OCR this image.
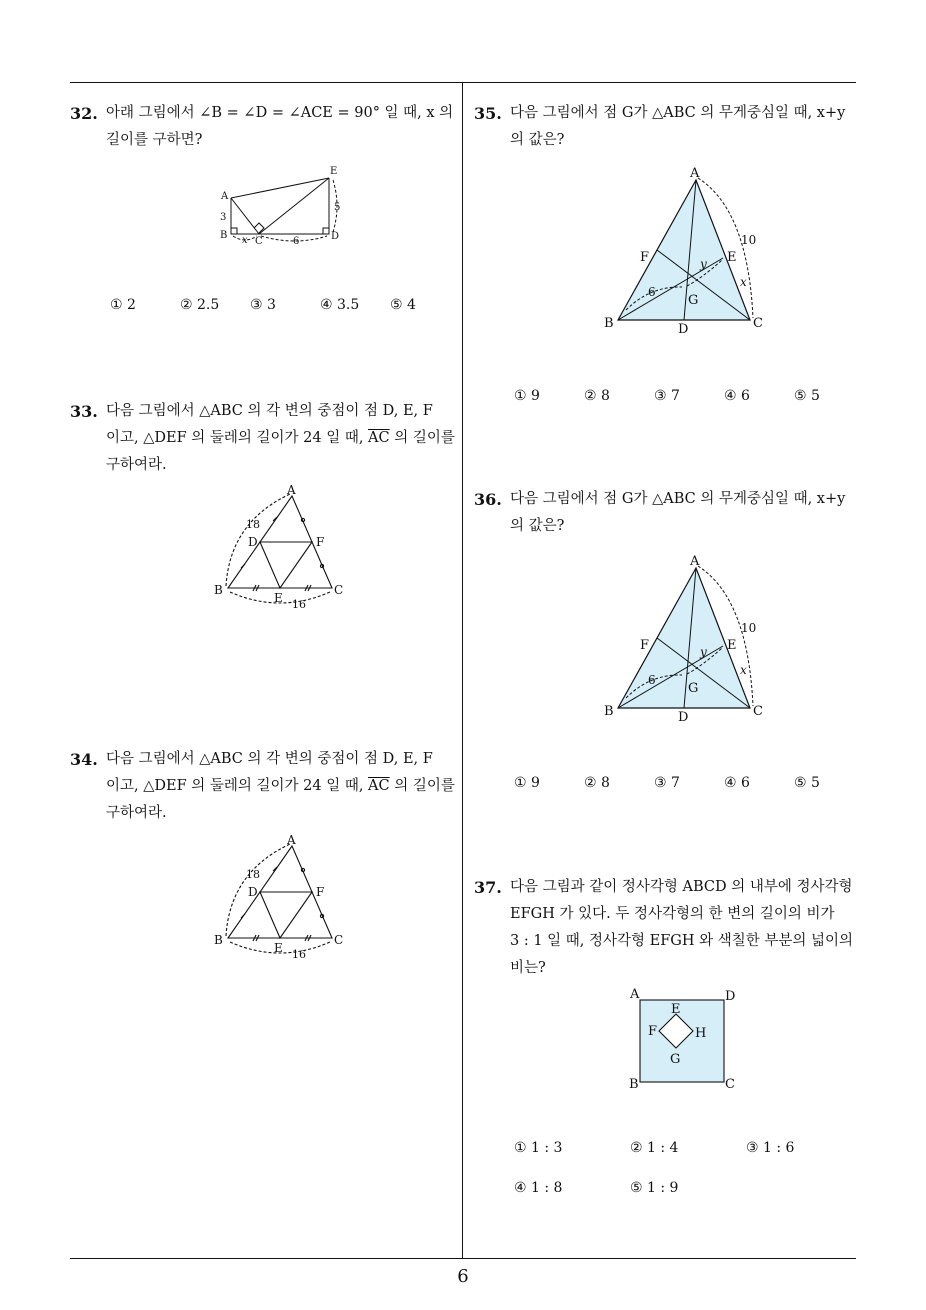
32. 아래 그림에서 ∠B = ∠D = ∠ACE = 90° 일 때, x 의
길이를 구하면?
A
B
C	D
E
3
5
x	6
① 2	② 2.5 ③ 3	④ 3.5 ⑤ 4
33. 다음 그림에서 △ABC 의 각 변의 중점이 점 D, E, F
이고, △DEF 의 둘레의 길이가 24 일 때, $\overline{AC}$ 의 길이를
구하여라.
A
B	C
D
E
F
18
16
34. 다음 그림에서 △ABC 의 각 변의 중점이 점 D, E, F
이고, △DEF 의 둘레의 길이가 24 일 때, $\overline{AC}$ 의 길이를
구하여라.
A
B	C
D
E
F
18
16
35. 다음 그림에서 점 G가 △ABC 의 무게중심일 때, x+y
의 값은?
A
B	C
D
E
F
G
10
x
y
6
① 9	② 8	③ 7	④ 6	⑤ 5
36. 다음 그림에서 점 G가 △ABC 의 무게중심일 때, x+y
의 값은?
A
B	C
D
E
F
G
10
x
y
6
① 9	② 8	③ 7	④ 6	⑤ 5
37. 다음 그림과 같이 정사각형 ABCD 의 내부에 정사각형
EFGH 가 있다. 두 정사각형의 한 변의 길이의 비가
3 : 1 일 때, 정사각형 EFGH 와 색칠한 부분의 넓이의
비는?
A
B	C
D
E
F
G
H
① 1 : 3	② 1 : 4	③ 1 : 6
④ 1 : 8	⑤ 1 : 9
6
